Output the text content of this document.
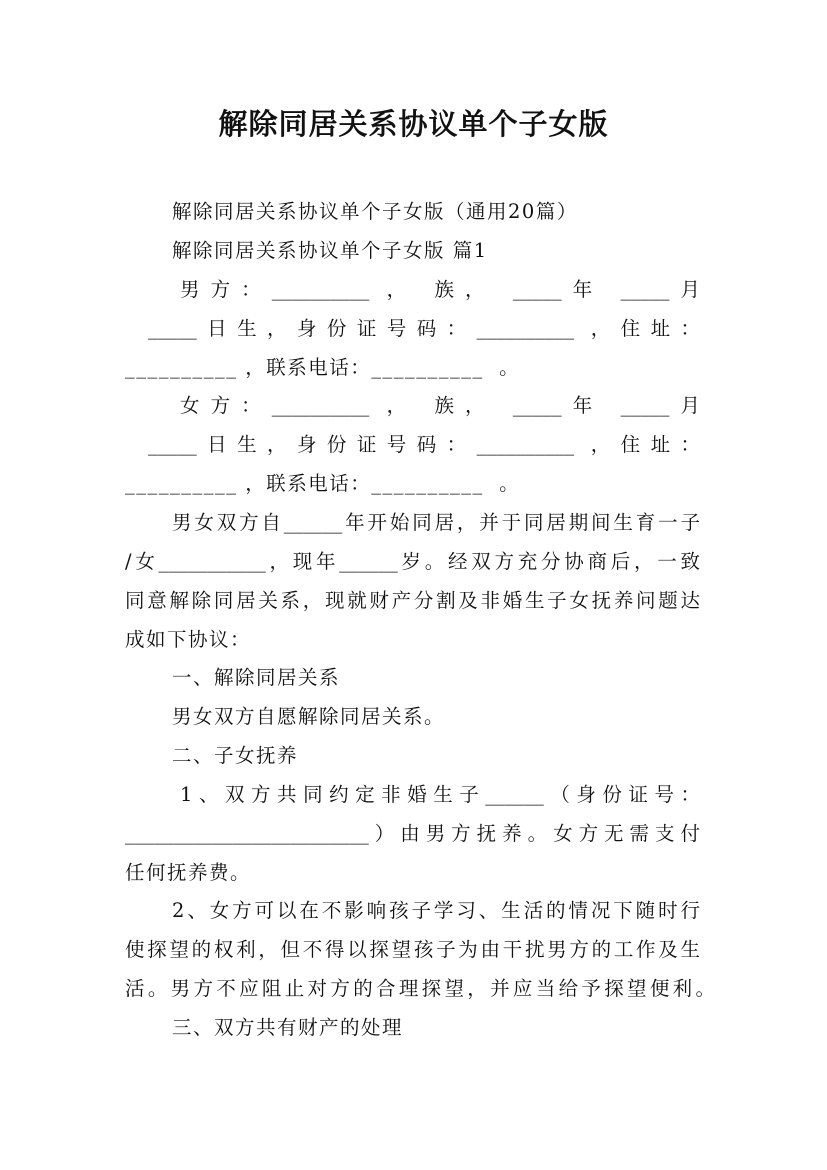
解除同居关系协议单个子女版
解除同居关系协议单个子女版（通用20篇）
解除同居关系协议单个子女版 篇1
男方：__________ ， 族， _____年 _____月
_____日生，身份证号码：__________ ，住址：
__________ ，联系电话：__________  。
女方：__________ ， 族， _____年 _____月
_____日生，身份证号码：__________ ，住址：
__________ ，联系电话：__________  。
男女双方自______年开始同居，并于同居期间生育一子
/女___________，现年______岁。经双方充分协商后，一致
同意解除同居关系，现就财产分割及非婚生子女抚养问题达
成如下协议：
一、解除同居关系
男女双方自愿解除同居关系。
二、子女抚养
1、双方共同约定非婚生子______（身份证号：
_________________________）由男方抚养。女方无需支付
任何抚养费。
2、女方可以在不影响孩子学习、生活的情况下随时行
使探望的权利，但不得以探望孩子为由干扰男方的工作及生
活。男方不应阻止对方的合理探望，并应当给予探望便利。
三、双方共有财产的处理
